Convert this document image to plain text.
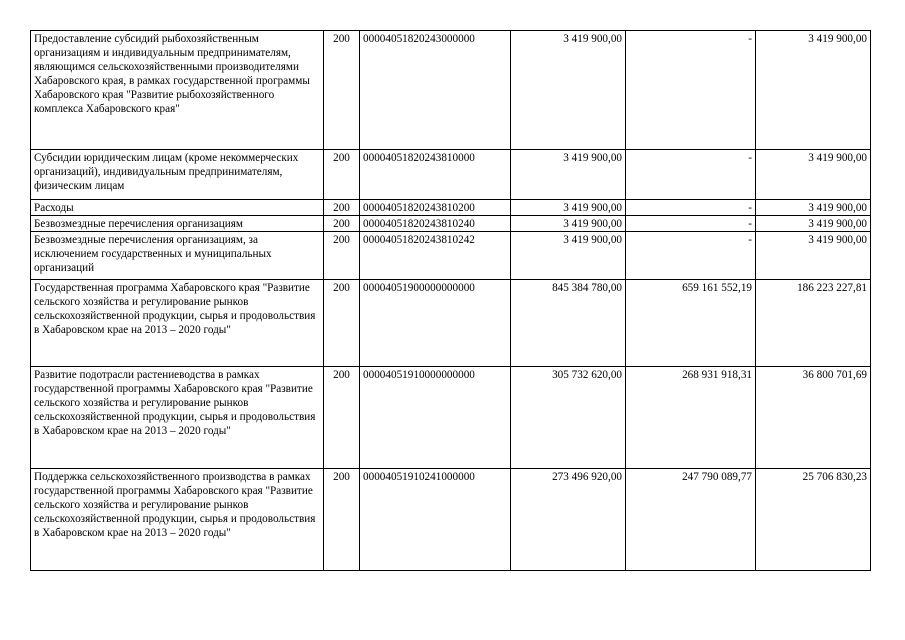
Предоставление субсидий рыбохозяйственным организациям и индивидуальным предпринимателям, являющимся сельскохозяйственными производителями Хабаровского края, в рамках государственной программы Хабаровского края "Развитие рыбохозяйственного комплекса Хабаровского края"	200	00004051820243000000	3 419 900,00	-	3 419 900,00
Субсидии юридическим лицам (кроме некоммерческих организаций), индивидуальным предпринимателям, физическим лицам	200	00004051820243810000	3 419 900,00	-	3 419 900,00
Расходы	200	00004051820243810200	3 419 900,00	-	3 419 900,00
Безвозмездные перечисления организациям	200	00004051820243810240	3 419 900,00	-	3 419 900,00
Безвозмездные перечисления организациям, за исключением государственных и муниципальных организаций	200	00004051820243810242	3 419 900,00	-	3 419 900,00
Государственная программа Хабаровского края "Развитие сельского хозяйства и регулирование рынков сельскохозяйственной продукции, сырья и продовольствия в Хабаровском крае на 2013 – 2020 годы"	200	00004051900000000000	845 384 780,00	659 161 552,19	186 223 227,81
Развитие подотрасли растениеводства в рамках государственной программы Хабаровского края "Развитие сельского хозяйства и регулирование рынков сельскохозяйственной продукции, сырья и продовольствия в Хабаровском крае на 2013 – 2020 годы"	200	00004051910000000000	305 732 620,00	268 931 918,31	36 800 701,69
Поддержка сельскохозяйственного производства в рамках государственной программы Хабаровского края "Развитие сельского хозяйства и регулирование рынков сельскохозяйственной продукции, сырья и продовольствия в Хабаровском крае на 2013 – 2020 годы"	200	00004051910241000000	273 496 920,00	247 790 089,77	25 706 830,23
